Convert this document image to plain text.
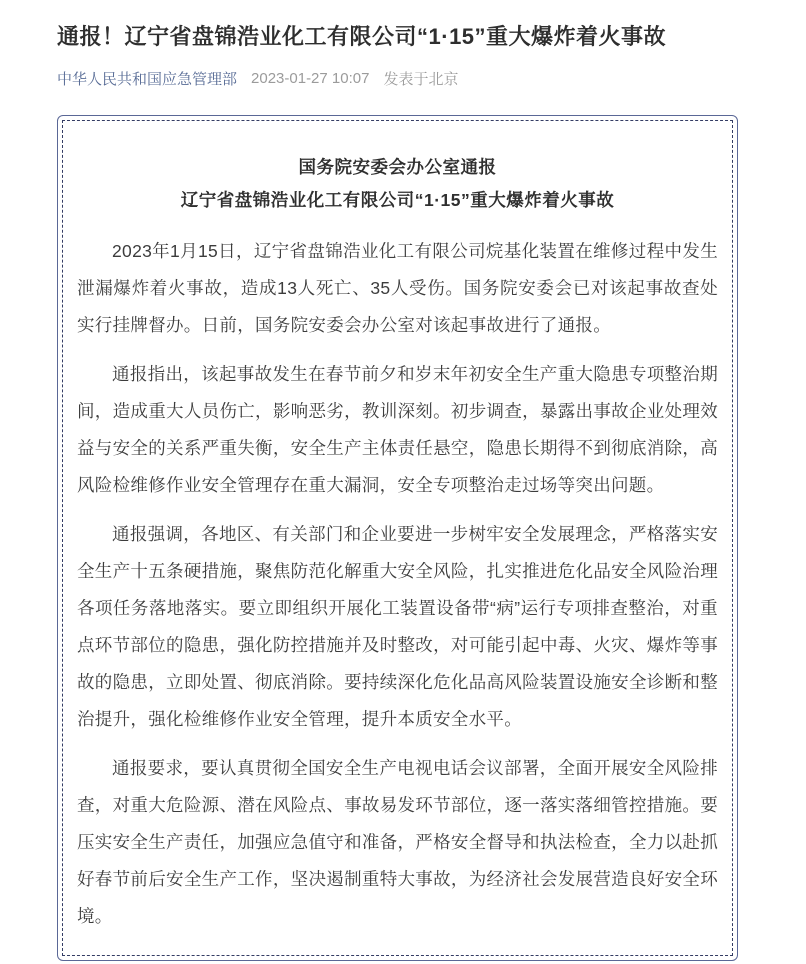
通报！辽宁省盘锦浩业化工有限公司“1·15”重大爆炸着火事故
中华人民共和国应急管理部 2023-01-27 10:07 发表于北京
国务院安委会办公室通报
辽宁省盘锦浩业化工有限公司“1·15”重大爆炸着火事故

2023年1月15日，辽宁省盘锦浩业化工有限公司烷基化装置在维修过程中发生泄漏爆炸着火事故，造成13人死亡、35人受伤。国务院安委会已对该起事故查处实行挂牌督办。日前，国务院安委会办公室对该起事故进行了通报。

通报指出，该起事故发生在春节前夕和岁末年初安全生产重大隐患专项整治期间，造成重大人员伤亡，影响恶劣，教训深刻。初步调查，暴露出事故企业处理效益与安全的关系严重失衡，安全生产主体责任悬空，隐患长期得不到彻底消除，高风险检维修作业安全管理存在重大漏洞，安全专项整治走过场等突出问题。

通报强调，各地区、有关部门和企业要进一步树牢安全发展理念，严格落实安全生产十五条硬措施，聚焦防范化解重大安全风险，扎实推进危化品安全风险治理各项任务落地落实。要立即组织开展化工装置设备带“病”运行专项排查整治，对重点环节部位的隐患，强化防控措施并及时整改，对可能引起中毒、火灾、爆炸等事故的隐患，立即处置、彻底消除。要持续深化危化品高风险装置设施安全诊断和整治提升，强化检维修作业安全管理，提升本质安全水平。

通报要求，要认真贯彻全国安全生产电视电话会议部署，全面开展安全风险排查，对重大危险源、潜在风险点、事故易发环节部位，逐一落实落细管控措施。要压实安全生产责任，加强应急值守和准备，严格安全督导和执法检查，全力以赴抓好春节前后安全生产工作，坚决遏制重特大事故，为经济社会发展营造良好安全环境。
